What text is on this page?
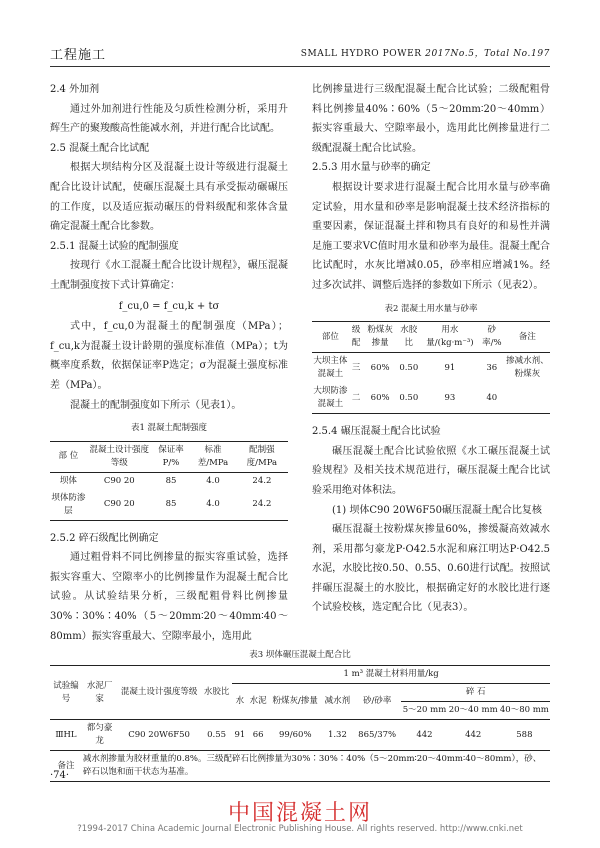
工程施工	SMALL HYDRO POWER 2017No.5，Total No.197

2.4 外加剂

通过外加剂进行性能及匀质性检测分析，采用升辉生产的聚羧酸高性能减水剂，并进行配合比试配。

2.5 混凝土配合比试配

根据大坝结构分区及混凝土设计等级进行混凝土配合比设计试配，使碾压混凝土具有承受振动碾碾压的工作度，以及适应振动碾压的骨料级配和浆体含量确定混凝土配合比参数。

2.5.1 混凝土试验的配制强度

按现行《水工混凝土配合比设计规程》，碾压混凝土配制强度按下式计算确定：

f_cu,0 = f_cu,k + tσ

式中，f_cu,0为混凝土的配制强度（MPa）；f_cu,k为混凝土设计龄期的强度标准值（MPa）；t为概率度系数，依据保证率P选定；σ为混凝土强度标准差（MPa）。

混凝土的配制强度如下所示（见表1）。

表1 混凝土配制强度

部 位	混凝土设计强度等级	保证率P/%	标准差/MPa	配制强度/MPa
坝体	C90 20	85	4.0	24.2
坝体防渗层	C90 20	85	4.0	24.2

2.5.2 碎石级配比例确定

通过粗骨料不同比例掺量的振实容重试验，选择振实容重大、空隙率小的比例掺量作为混凝土配合比试验。从试验结果分析，三级配粗骨料比例掺量30%∶30%∶40%（5～20mm∶20～40mm∶40～80mm）振实容重最大、空隙率最小，选用此

比例掺量进行三级配混凝土配合比试验；二级配粗骨料比例掺量40%∶60%（5～20mm∶20～40mm）振实容重最大、空隙率最小，选用此比例掺量进行二级配混凝土配合比试验。

2.5.3 用水量与砂率的确定

根据设计要求进行混凝土配合比用水量与砂率确定试验，用水量和砂率是影响混凝土技术经济指标的重要因素，保证混凝土拌和物具有良好的和易性并满足施工要求VC值时用水量和砂率为最佳。混凝土配合比试配时，水灰比增减0.05，砂率相应增减1%。经过多次试拌、调整后选择的参数如下所示（见表2）。

表2 混凝土用水量与砂率

部位	级配	粉煤灰掺量	水胶比	用水量/(kg·m⁻³)	砂率/%	备注
大坝主体混凝土	三	60%	0.50	91	36	掺减水剂、粉煤灰
大坝防渗混凝土	二	60%	0.50	93	40	

2.5.4 碾压混凝土配合比试验

碾压混凝土配合比试验依照《水工碾压混凝土试验规程》及相关技术规范进行，碾压混凝土配合比试验采用绝对体积法。

(1) 坝体C90 20W6F50碾压混凝土配合比复核

碾压混凝土按粉煤灰掺量60%，掺缓凝高效减水剂，采用都匀豪龙P·O42.5水泥和麻江明达P·O42.5水泥，水胶比按0.50、0.55、0.60进行试配。按照试拌碾压混凝土的水胶比，根据确定好的水胶比进行逐个试验校核，选定配合比（见表3）。

表3 坝体碾压混凝土配合比
试验编号	水泥厂家	混凝土设计强度等级	水胶比	1 m³ 混凝土材料用量/kg							
				水	水泥	粉煤灰/掺量	减水剂	砂/砂率	碎 石		
									5～20 mm	20～40 mm	40～80 mm
ⅢHL	都匀豪龙	C90 20W6F50	0.55	91	66	99/60%	1.32	865/37%	442	442	588
备注	减水剂掺量为胶材重量的0.8%。三级配碎石比例掺量为30%∶30%∶40%（5～20mm∶20～40mm∶40～80mm），砂、碎石以饱和面干状态为基准。										
·74·
中国混凝土网
?1994-2017 China Academic Journal Electronic Publishing House. All rights reserved. http://www.cnki.net
